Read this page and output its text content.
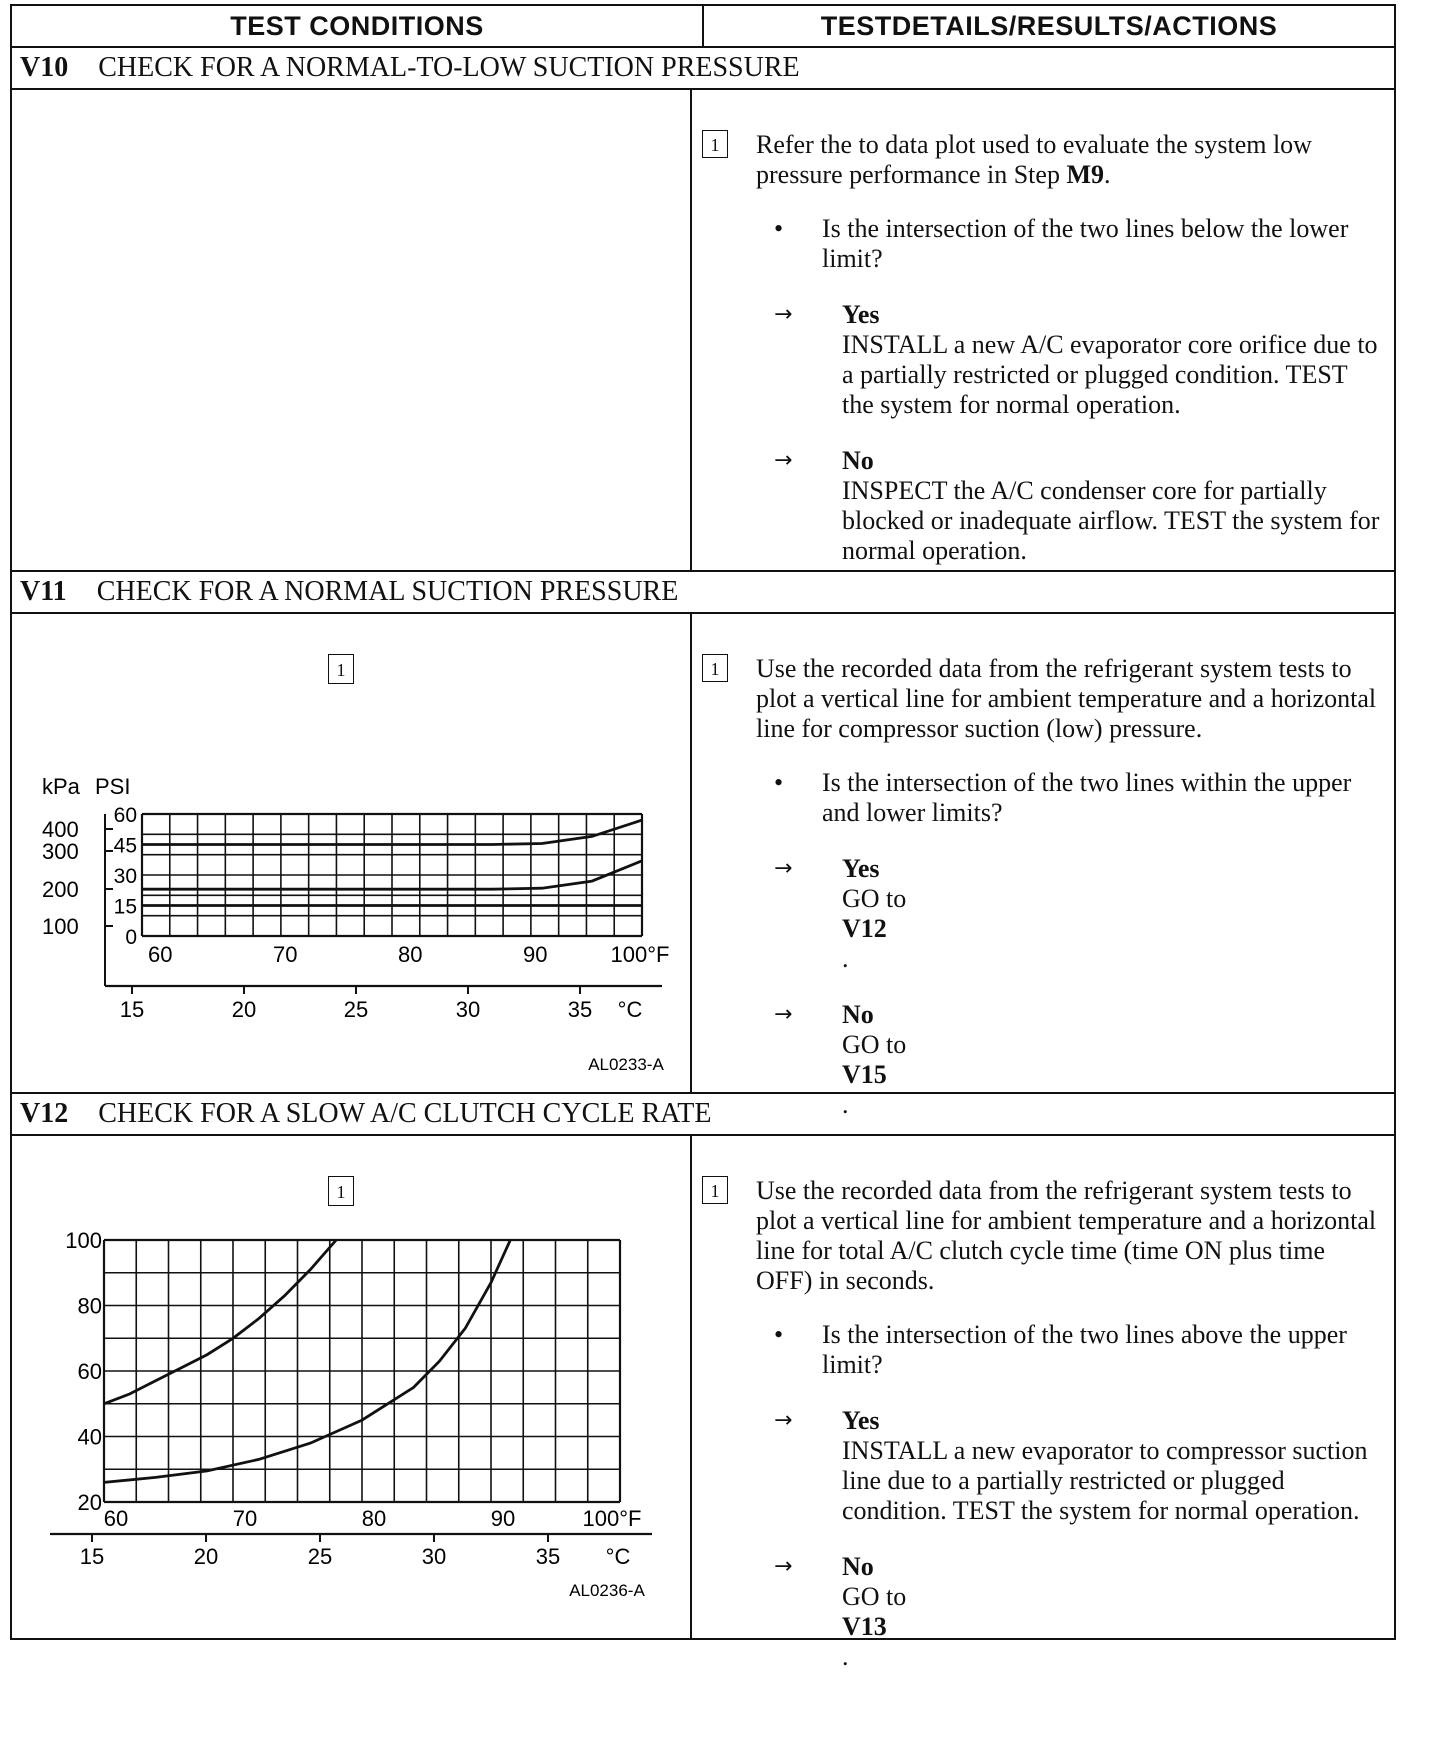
TEST CONDITIONS	TESTDETAILS/RESULTS/ACTIONS
V10 CHECK FOR A NORMAL-TO-LOW SUCTION PRESSURE
1	Refer the to data plot used to evaluate the system low pressure performance in Step M9.
•	Is the intersection of the two lines below the lower limit?
→	Yes
INSTALL a new A/C evaporator core orifice due to a partially restricted or plugged condition. TEST the system for normal operation.
→	No
INSPECT the A/C condenser core for partially blocked or inadequate airflow. TEST the system for normal operation.
V11 CHECK FOR A NORMAL SUCTION PRESSURE
1
kPa PSI
400
300
200
100
60
45
30
15
0
60	70	80	90	100°F
15	20	25	30	35 °C
AL0233-A
1	Use the recorded data from the refrigerant system tests to plot a vertical line for ambient temperature and a horizontal line for compressor suction (low) pressure.
•	Is the intersection of the two lines within the upper and lower limits?
→	Yes
GO to
V12
.
→	No
GO to
V15
.
V12 CHECK FOR A SLOW A/C CLUTCH CYCLE RATE
1
100
80
60
40
20
60	70	80	90	100°F
15	20	25	30	35 °C
AL0236-A
1	Use the recorded data from the refrigerant system tests to plot a vertical line for ambient temperature and a horizontal line for total A/C clutch cycle time (time ON plus time OFF) in seconds.
•	Is the intersection of the two lines above the upper limit?
→	Yes
INSTALL a new evaporator to compressor suction line due to a partially restricted or plugged condition. TEST the system for normal operation.
→	No
GO to
V13
.
